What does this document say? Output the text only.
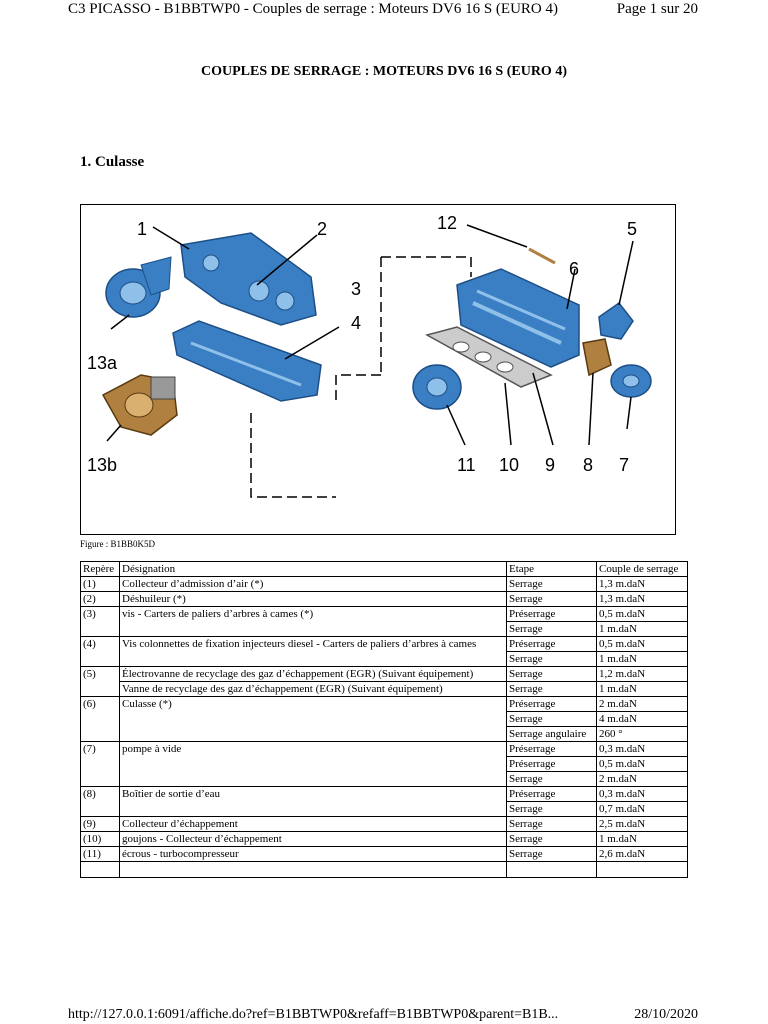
C3 PICASSO - B1BBTWP0 - Couples de serrage : Moteurs DV6 16 S (EURO 4)	Page 1 sur 20
COUPLES DE SERRAGE : MOTEURS DV6 16 S (EURO 4)
1. Culasse
1	2
3
4
5
6
7
8
9
10
11
12
13a
13b
Figure : B1BB0K5D
Repère	Désignation	Etape	Couple de serrage
(1)	Collecteur d’admission d’air (*)	Serrage	1,3 m.daN
(2)	Déshuileur (*)	Serrage	1,3 m.daN
(3)	vis - Carters de paliers d’arbres à cames (*)	Préserrage	0,5 m.daN
		Serrage	1 m.daN
(4)	Vis colonnettes de fixation injecteurs diesel - Carters de paliers d’arbres à cames	Préserrage	0,5 m.daN
		Serrage	1 m.daN
(5)	Électrovanne de recyclage des gaz d’échappement (EGR) (Suivant équipement)	Serrage	1,2 m.daN
	Vanne de recyclage des gaz d’échappement (EGR) (Suivant équipement)	Serrage	1 m.daN
(6)	Culasse (*)	Préserrage	2 m.daN
		Serrage	4 m.daN
		Serrage angulaire	260 °
(7)	pompe à vide	Préserrage	0,3 m.daN
		Préserrage	0,5 m.daN
		Serrage	2 m.daN
(8)	Boîtier de sortie d’eau	Préserrage	0,3 m.daN
		Serrage	0,7 m.daN
(9)	Collecteur d’échappement	Serrage	2,5 m.daN
(10)	goujons - Collecteur d’échappement	Serrage	1 m.daN
(11)	écrous - turbocompresseur	Serrage	2,6 m.daN

http://127.0.0.1:6091/affiche.do?ref=B1BBTWP0&refaff=B1BBTWP0&parent=B1B...	28/10/2020
